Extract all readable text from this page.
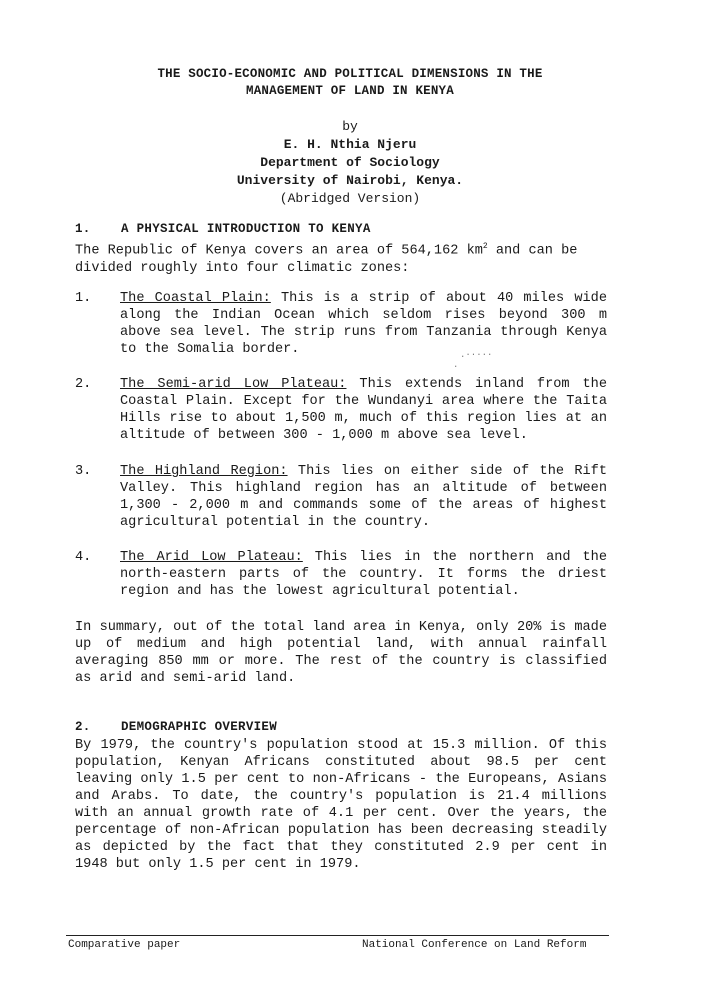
THE SOCIO-ECONOMIC AND POLITICAL DIMENSIONS IN THE
MANAGEMENT OF LAND IN KENYA
by
E. H. Nthia Njeru
Department of Sociology
University of Nairobi, Kenya.
(Abridged Version)
1. A PHYSICAL INTRODUCTION TO KENYA
The Republic of Kenya covers an area of 564,162 $km^2$ and can be
divided roughly into four climatic zones:
1. The Coastal Plain: This is a strip of about 40 miles wide along the Indian Ocean which seldom rises beyond 300 m above sea level. The strip runs from Tanzania through Kenya to the Somalia border.
2. The Semi-arid Low Plateau: This extends inland from the Coastal Plain. Except for the Wundanyi area where the Taita Hills rise to about 1,500 m, much of this region lies at an altitude of between 300 - 1,000 m above sea level.
3. The Highland Region: This lies on either side of the Rift Valley. This highland region has an altitude of between 1,300 - 2,000 m and commands some of the areas of highest agricultural potential in the country.
4. The Arid Low Plateau: This lies in the northern and the north-eastern parts of the country. It forms the driest region and has the lowest agricultural potential.
In summary, out of the total land area in Kenya, only 20% is made up of medium and high potential land, with annual rainfall averaging 850 mm or more. The rest of the country is classified as arid and semi-arid land.
2. DEMOGRAPHIC OVERVIEW
By 1979, the country's population stood at 15.3 million. Of this population, Kenyan Africans constituted about 98.5 per cent leaving only 1.5 per cent to non-Africans - the Europeans, Asians and Arabs. To date, the country's population is 21.4 millions with an annual growth rate of 4.1 per cent. Over the years, the percentage of non-African population has been decreasing steadily as depicted by the fact that they constituted 2.9 per cent in 1948 but only 1.5 per cent in 1979.
.·····
·
Comparative paper	National Conference on Land Reform
